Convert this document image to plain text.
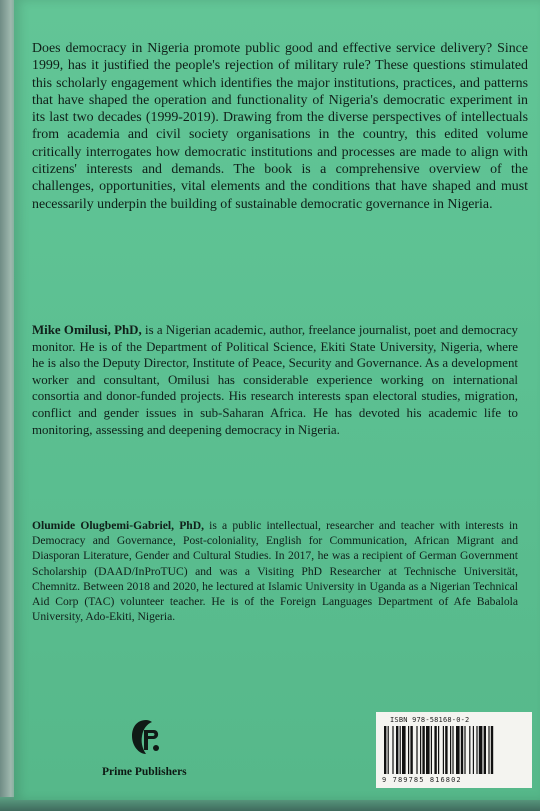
Does democracy in Nigeria promote public good and effective service delivery? Since 1999, has it justified the people's rejection of military rule? These questions stimulated this scholarly engagement which identifies the major institutions, practices, and patterns that have shaped the operation and functionality of Nigeria's democratic experiment in its last two decades (1999-2019). Drawing from the diverse perspectives of intellectuals from academia and civil society organisations in the country, this edited volume critically interrogates how democratic institutions and processes are made to align with citizens' interests and demands. The book is a comprehensive overview of the challenges, opportunities, vital elements and the conditions that have shaped and must necessarily underpin the building of sustainable democratic governance in Nigeria.

Mike Omilusi, PhD, is a Nigerian academic, author, freelance journalist, poet and democracy monitor. He is of the Department of Political Science, Ekiti State University, Nigeria, where he is also the Deputy Director, Institute of Peace, Security and Governance. As a development worker and consultant, Omilusi has considerable experience working on international consortia and donor-funded projects. His research interests span electoral studies, migration, conflict and gender issues in sub-Saharan Africa. He has devoted his academic life to monitoring, assessing and deepening democracy in Nigeria.

Olumide Olugbemi-Gabriel, PhD, is a public intellectual, researcher and teacher with interests in Democracy and Governance, Post-coloniality, English for Communication, African Migrant and Diasporan Literature, Gender and Cultural Studies. In 2017, he was a recipient of German Government Scholarship (DAAD/InProTUC) and was a Visiting PhD Researcher at Technische Universität, Chemnitz. Between 2018 and 2020, he lectured at Islamic University in Uganda as a Nigerian Technical Aid Corp (TAC) volunteer teacher. He is of the Foreign Languages Department of Afe Babalola University, Ado-Ekiti, Nigeria.

Prime Publishers
ISBN 978-58168-0-2
9 789785 816802
